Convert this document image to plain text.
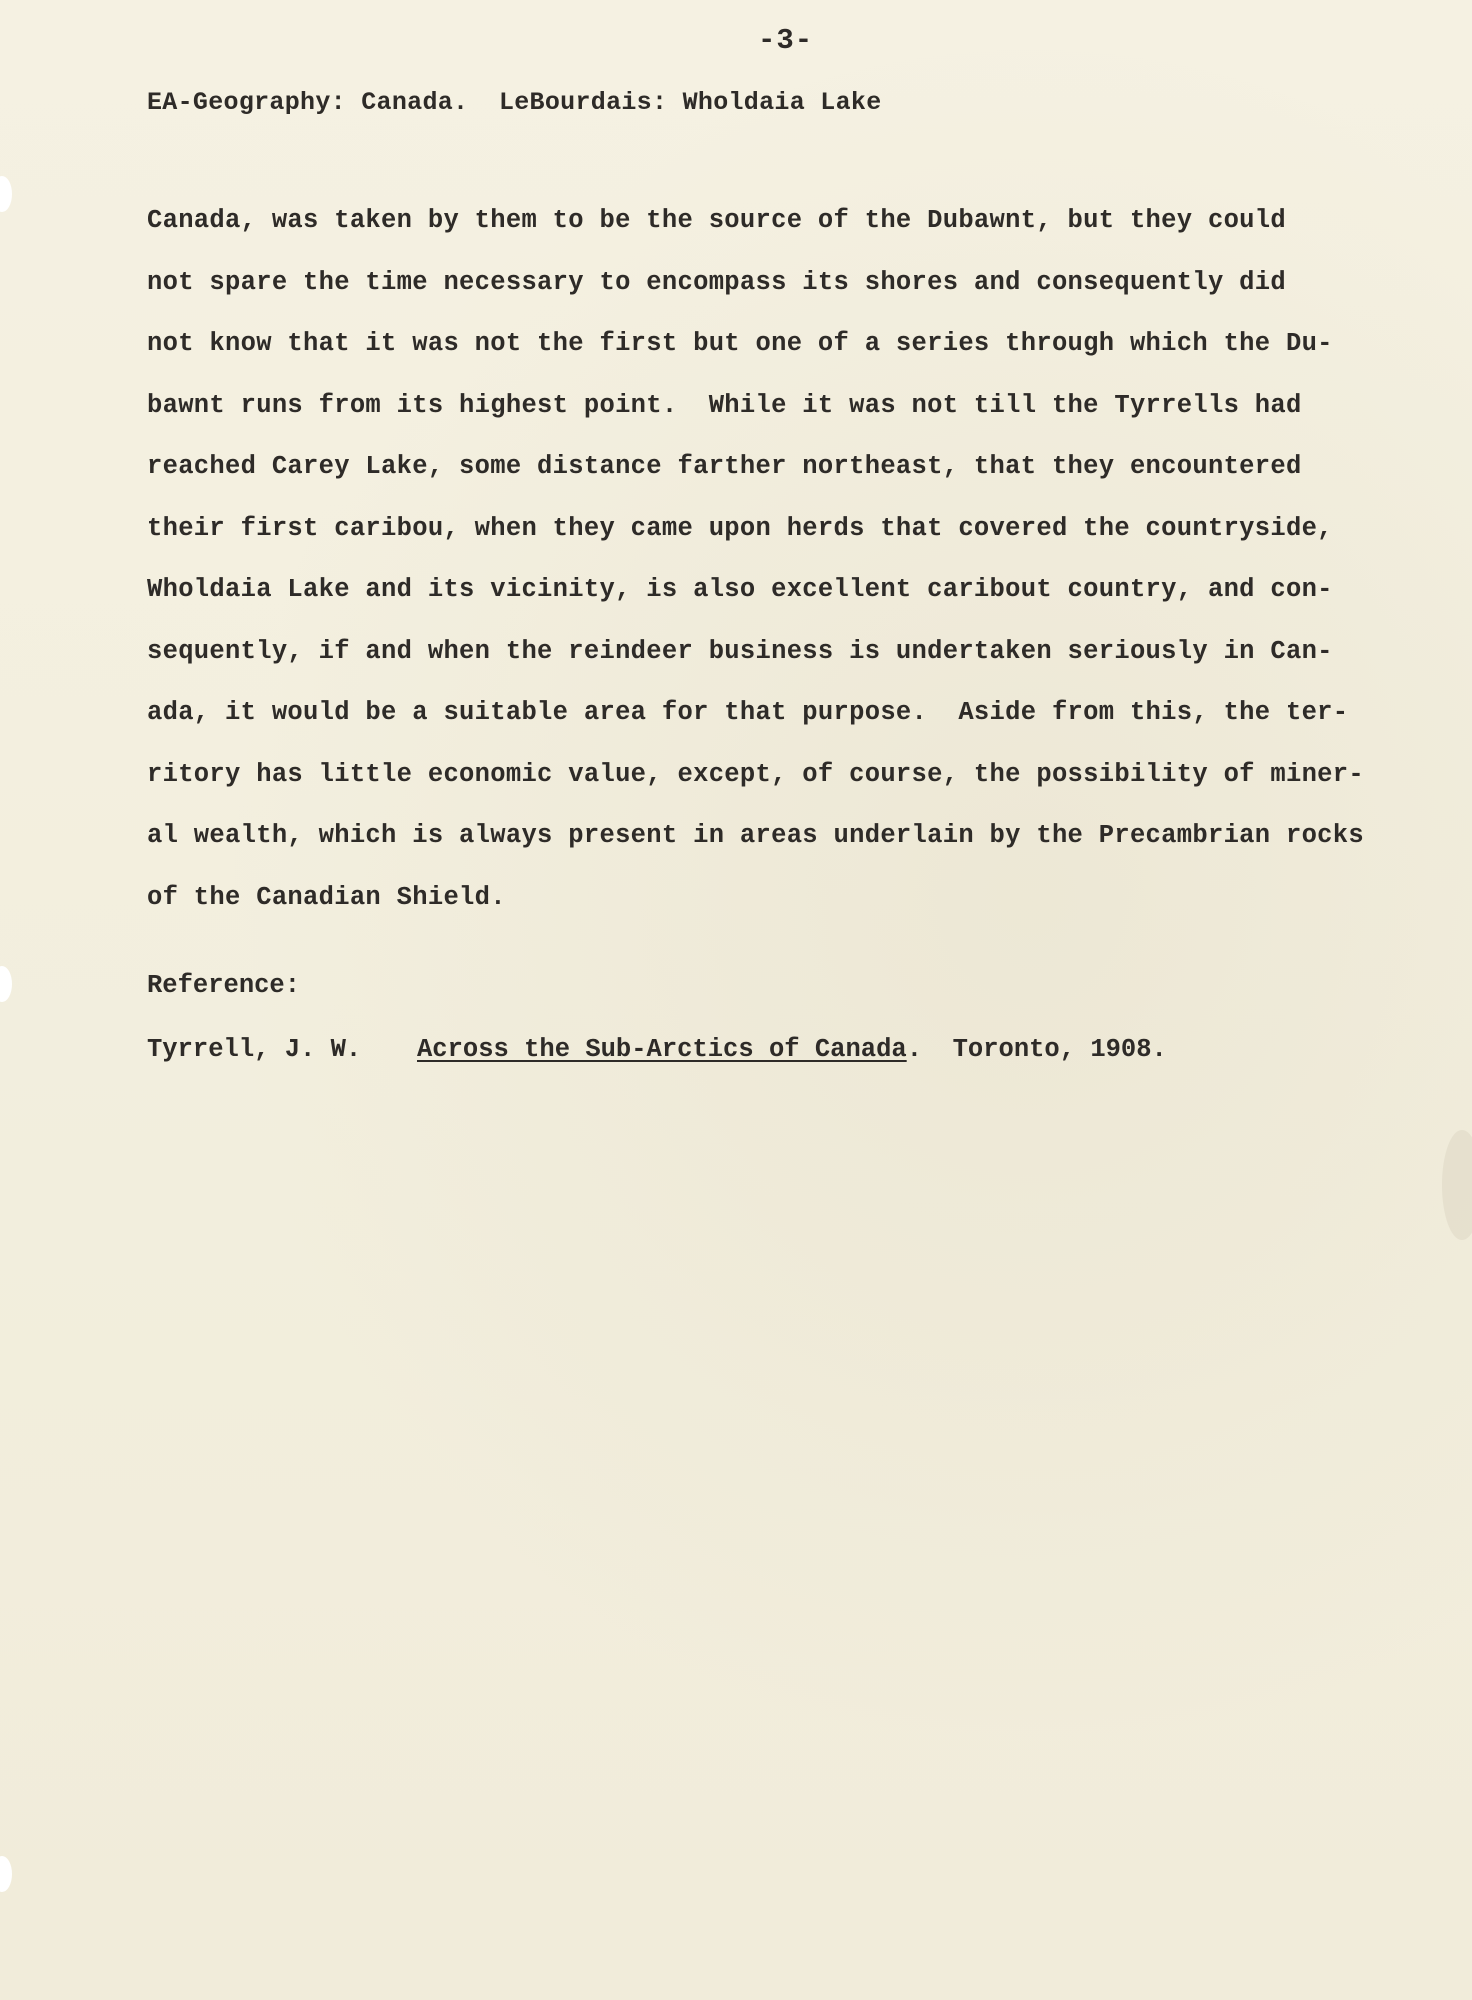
-3-
EA-Geography: Canada.  LeBourdais: Wholdaia Lake
Canada, was taken by them to be the source of the Dubawnt, but they could
not spare the time necessary to encompass its shores and consequently did
not know that it was not the first but one of a series through which the Du-
bawnt runs from its highest point.  While it was not till the Tyrrells had
reached Carey Lake, some distance farther northeast, that they encountered
their first caribou, when they came upon herds that covered the countryside,
Wholdaia Lake and its vicinity, is also excellent caribout country, and con-
sequently, if and when the reindeer business is undertaken seriously in Can-
ada, it would be a suitable area for that purpose.  Aside from this, the ter-
ritory has little economic value, except, of course, the possibility of miner-
al wealth, which is always present in areas underlain by the Precambrian rocks
of the Canadian Shield.
Reference:
Tyrrell, J. W. Across the Sub-Arctics of Canada.  Toronto, 1908.
